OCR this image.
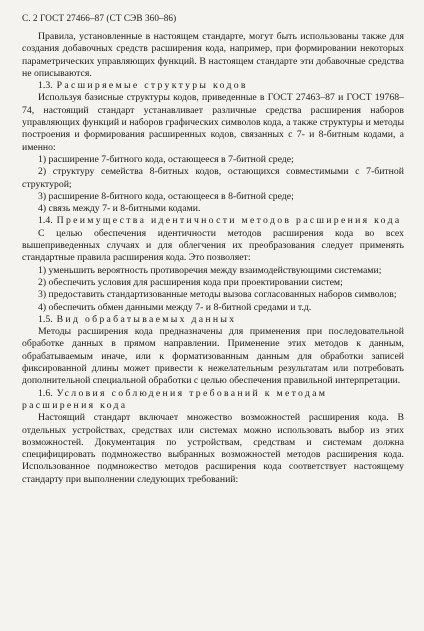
С. 2 ГОСТ 27466–87 (СТ СЭВ 360–86)

Правила, установленные в настоящем стандарте, могут быть использованы также для создания добавочных средств расширения кода, например, при формировании некоторых параметрических управляющих функций. В настоящем стандарте эти добавочные средства не описываются.

1.3. Расширяемые структуры кодов

Используя базисные структуры кодов, приведенные в ГОСТ 27463–87 и ГОСТ 19768–74, настоящий стандарт устанавливает различные средства расширения наборов управляющих функций и наборов графических символов кода, а также структуры и методы построения и формирования расширенных кодов, связанных с 7- и 8-битным кодами, а именно:

1) расширение 7-битного кода, остающееся в 7-битной среде;

2) структуру семейства 8-битных кодов, остающихся совместимыми с 7-битной структурой;

3) расширение 8-битного кода, остающееся в 8-битной среде;

4) связь между 7- и 8-битными кодами.

1.4. Преимущества идентичности методов расширения кода

С целью обеспечения идентичности методов расширения кода во всех вышеприведенных случаях и для облегчения их преобразования следует применять стандартные правила расширения кода. Это позволяет:

1) уменьшить вероятность противоречия между взаимодействующими системами;

2) обеспечить условия для расширения кода при проектировании систем;

3) предоставить стандартизованные методы вызова согласованных наборов символов;

4) обеспечить обмен данными между 7- и 8-битной средами и т.д.

1.5. Вид обрабатываемых данных

Методы расширения кода предназначены для применения при последовательной обработке данных в прямом направлении. Применение этих методов к данным, обрабатываемым иначе, или к форматизованным данным для обработки записей фиксированной длины может привести к нежелательным результатам или потребовать дополнительной специальной обработки с целью обеспечения правильной интерпретации.

1.6. Условия соблюдения требований к методам расширения кода

Настоящий стандарт включает множество возможностей расширения кода. В отдельных устройствах, средствах или системах можно использовать выбор из этих возможностей. Документация по устройствам, средствам и системам должна специфицировать подмножество выбранных возможностей методов расширения кода. Использованное подмножество методов расширения кода соответствует настоящему стандарту при выполнении следующих требований:
